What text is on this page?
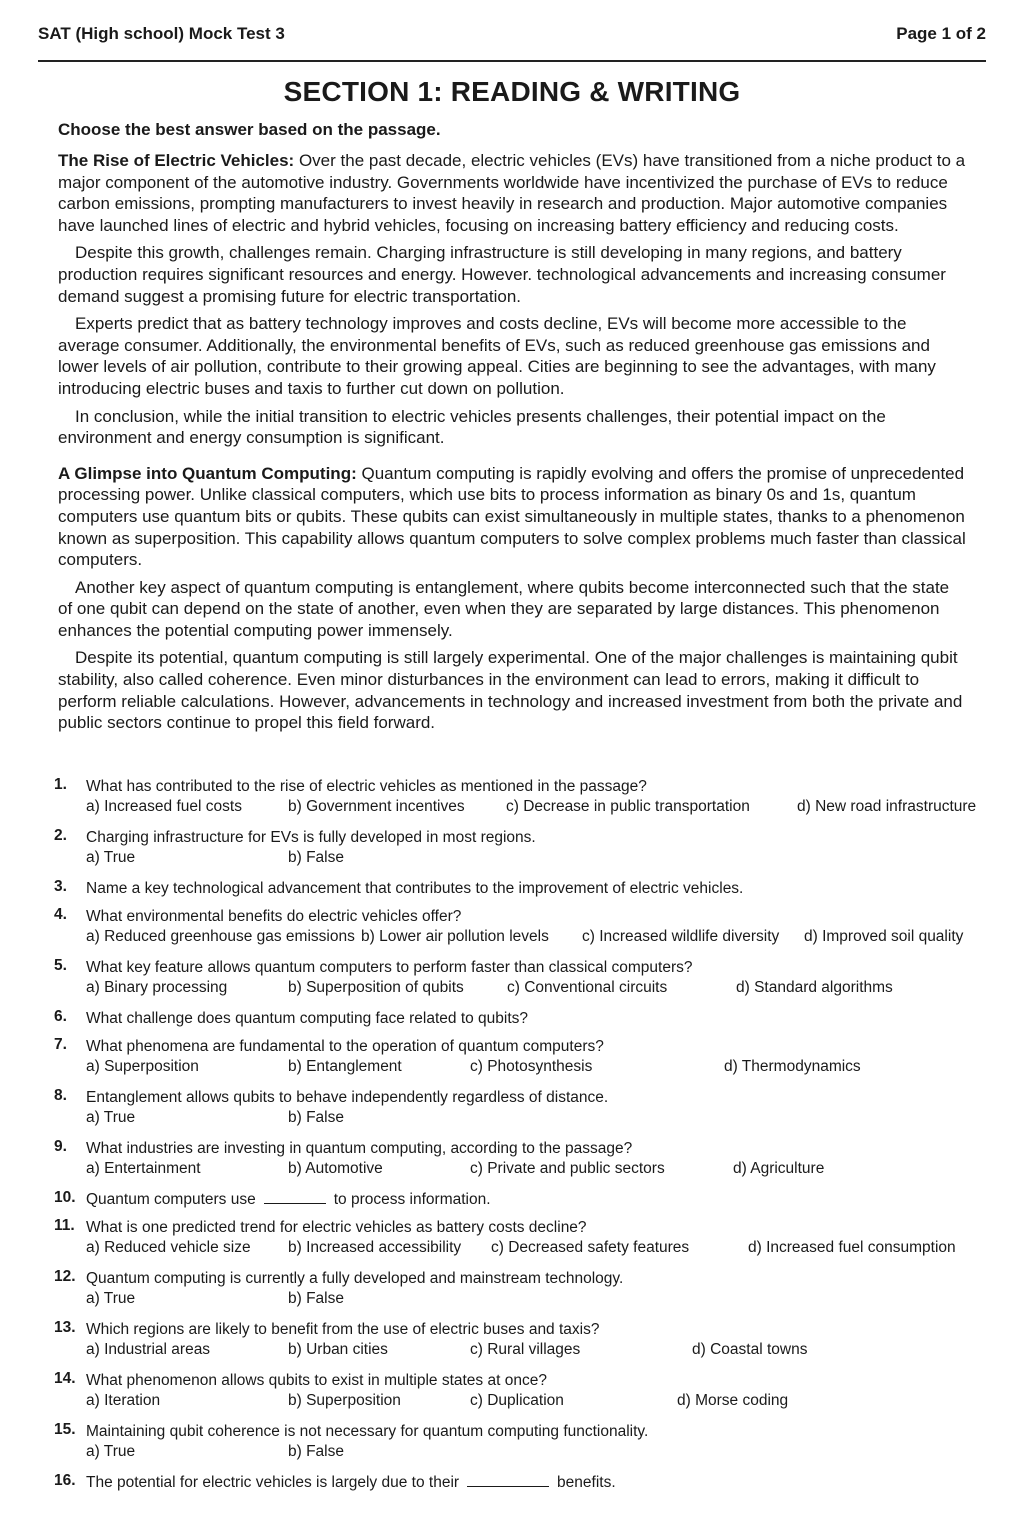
SAT (High school) Mock Test 3	Page 1 of 2
SECTION 1: READING & WRITING
Choose the best answer based on the passage.

The Rise of Electric Vehicles: Over the past decade, electric vehicles (EVs) have transitioned from a niche product to a major component of the automotive industry. Governments worldwide have incentivized the purchase of EVs to reduce carbon emissions, prompting manufacturers to invest heavily in research and production. Major automotive companies have launched lines of electric and hybrid vehicles, focusing on increasing battery efficiency and reducing costs.

Despite this growth, challenges remain. Charging infrastructure is still developing in many regions, and battery production requires significant resources and energy. However. technological advancements and increasing consumer demand suggest a promising future for electric transportation.

Experts predict that as battery technology improves and costs decline, EVs will become more accessible to the average consumer. Additionally, the environmental benefits of EVs, such as reduced greenhouse gas emissions and lower levels of air pollution, contribute to their growing appeal. Cities are beginning to see the advantages, with many introducing electric buses and taxis to further cut down on pollution.

In conclusion, while the initial transition to electric vehicles presents challenges, their potential impact on the environment and energy consumption is significant.

A Glimpse into Quantum Computing: Quantum computing is rapidly evolving and offers the promise of unprecedented processing power. Unlike classical computers, which use bits to process information as binary 0s and 1s, quantum computers use quantum bits or qubits. These qubits can exist simultaneously in multiple states, thanks to a phenomenon known as superposition. This capability allows quantum computers to solve complex problems much faster than classical computers.

Another key aspect of quantum computing is entanglement, where qubits become interconnected such that the state of one qubit can depend on the state of another, even when they are separated by large distances. This phenomenon enhances the potential computing power immensely.

Despite its potential, quantum computing is still largely experimental. One of the major challenges is maintaining qubit stability, also called coherence. Even minor disturbances in the environment can lead to errors, making it difficult to perform reliable calculations. However, advancements in technology and increased investment from both the private and public sectors continue to propel this field forward.

1.	What has contributed to the rise of electric vehicles as mentioned in the passage?
a) Increased fuel costs	b) Government incentives	c) Decrease in public transportation	d) New road infrastructure
2.	Charging infrastructure for EVs is fully developed in most regions.
a) True	b) False
3.	Name a key technological advancement that contributes to the improvement of electric vehicles.
4.	What environmental benefits do electric vehicles offer?
a) Reduced greenhouse gas emissions b) Lower air pollution levels c) Increased wildlife diversity d) Improved soil quality
5.	What key feature allows quantum computers to perform faster than classical computers?
a) Binary processing	b) Superposition of qubits	c) Conventional circuits	d) Standard algorithms
6.	What challenge does quantum computing face related to qubits?
7.	What phenomena are fundamental to the operation of quantum computers?
a) Superposition	b) Entanglement	c) Photosynthesis	d) Thermodynamics
8.	Entanglement allows qubits to behave independently regardless of distance.
a) True	b) False
9.	What industries are investing in quantum computing, according to the passage?
a) Entertainment	b) Automotive	c) Private and public sectors	d) Agriculture
10. Quantum computers use	to process information.
11. What is one predicted trend for electric vehicles as battery costs decline?
a) Reduced vehicle size b) Increased accessibility c) Decreased safety features	d) Increased fuel consumption
12. Quantum computing is currently a fully developed and mainstream technology.
a) True	b) False
13. Which regions are likely to benefit from the use of electric buses and taxis?
a) Industrial areas	b) Urban cities	c) Rural villages	d) Coastal towns
14. What phenomenon allows qubits to exist in multiple states at once?
a) Iteration	b) Superposition	c) Duplication	d) Morse coding
15. Maintaining qubit coherence is not necessary for quantum computing functionality.
a) True	b) False
16. The potential for electric vehicles is largely due to their	benefits.
